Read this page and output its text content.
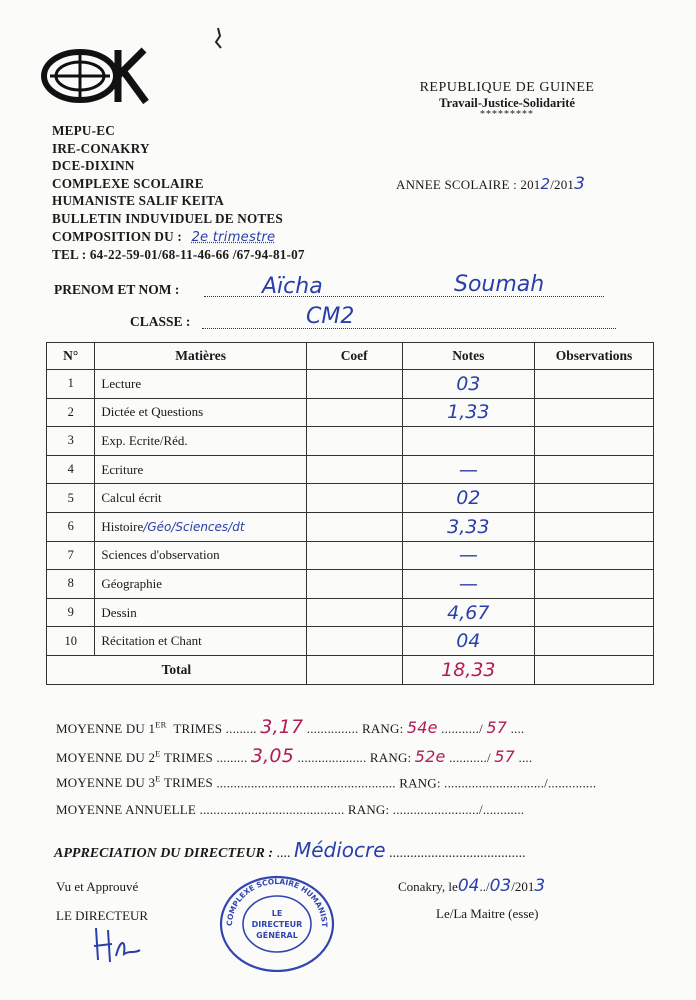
MEPU-EC
IRE-CONAKRY
DCE-DIXINN
COMPLEXE SCOLAIRE
HUMANISTE SALIF KEITA
BULLETIN INDUVIDUEL DE NOTES
COMPOSITION DU : 2e trimestre
TEL : 64-22-59-01/68-11-46-66 /67-94-81-07
REPUBLIQUE DE GUINEE
Travail-Justice-Solidarité
*********
ANNEE SCOLAIRE : 2012/2013
PRENOM ET NOM :	Aïcha	Soumah
CLASSE :	CM2
N°	Matières	Coef	Notes	Observations
1	Lecture		03	
2	Dictée et Questions		1,33	
3	Exp. Ecrite/Réd.			
4	Ecriture		—	
5	Calcul écrit		02	
6	Histoire/Géo/Sciences/dt		3,33	
7	Sciences d'observation		—	
8	Géographie		—	
9	Dessin		4,67	
10	Récitation et Chant		04	
Total			18,33	
MOYENNE DU 1ER TRIMES ......... 3,17 ............... RANG: 54e .........../ 57 ....
MOYENNE DU $2^E$ TRIMES ......... 3,05 .................... RANG: 52e .........../ 57 ....
MOYENNE DU $3^E$ TRIMES .................................................... RANG: ............................./..............
MOYENNE ANNUELLE .......................................... RANG: ........................./............
APPRECIATION DU DIRECTEUR : .... Médiocre .......................................
Vu et Approuvé
LE DIRECTEUR
Conakry, le04../03/2013
Le/La Maitre (esse)
COMPLEXE SCOLAIRE HUMANIST
LE
DIRECTEUR
GÉNÉRAL
